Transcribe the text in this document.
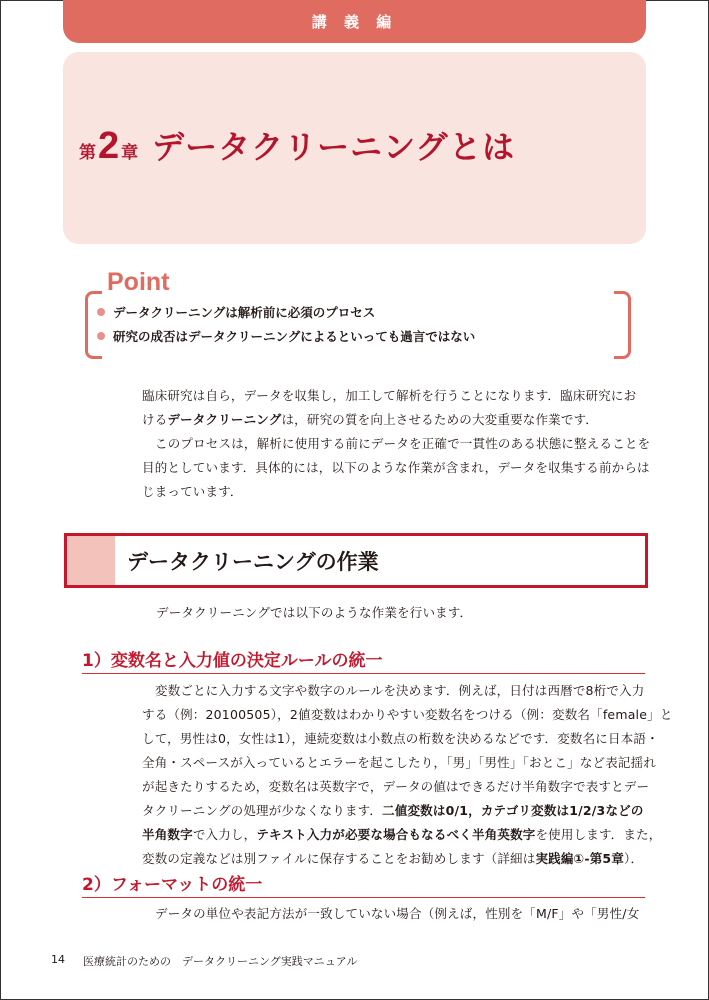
講 義 編
第 2 章 データクリーニングとは
Point
データクリーニングは解析前に必須のプロセス
研究の成否はデータクリーニングによるといっても過言ではない

臨床研究は自ら，データを収集し，加工して解析を行うことになります．臨床研究にお

けるデータクリーニングは，研究の質を向上させるための大変重要な作業です．

このプロセスは，解析に使用する前にデータを正確で一貫性のある状態に整えることを

目的としています．具体的には，以下のような作業が含まれ，データを収集する前からは

じまっています．

データクリーニングの作業

データクリーニングでは以下のような作業を行います．

1）変数名と入力値の決定ルールの統一

変数ごとに入力する文字や数字のルールを決めます．例えば，日付は西暦で8桁で入力

する（例：20100505），2値変数はわかりやすい変数名をつける（例：変数名「female」と

して，男性は0，女性は1），連続変数は小数点の桁数を決めるなどです．変数名に日本語・

全角・スペースが入っているとエラーを起こしたり，「男」「男性」「おとこ」など表記揺れ

が起きたりするため，変数名は英数字で，データの値はできるだけ半角数字で表すとデー

タクリーニングの処理が少なくなります．二値変数は0/1，カテゴリ変数は1/2/3などの

半角数字で入力し，テキスト入力が必要な場合もなるべく半角英数字を使用します．また，

変数の定義などは別ファイルに保存することをお勧めします（詳細は実践編①-第5章）．

2）フォーマットの統一

データの単位や表記方法が一致していない場合（例えば，性別を「M/F」や「男性/女

14 医療統計のための　データクリーニング実践マニュアル
